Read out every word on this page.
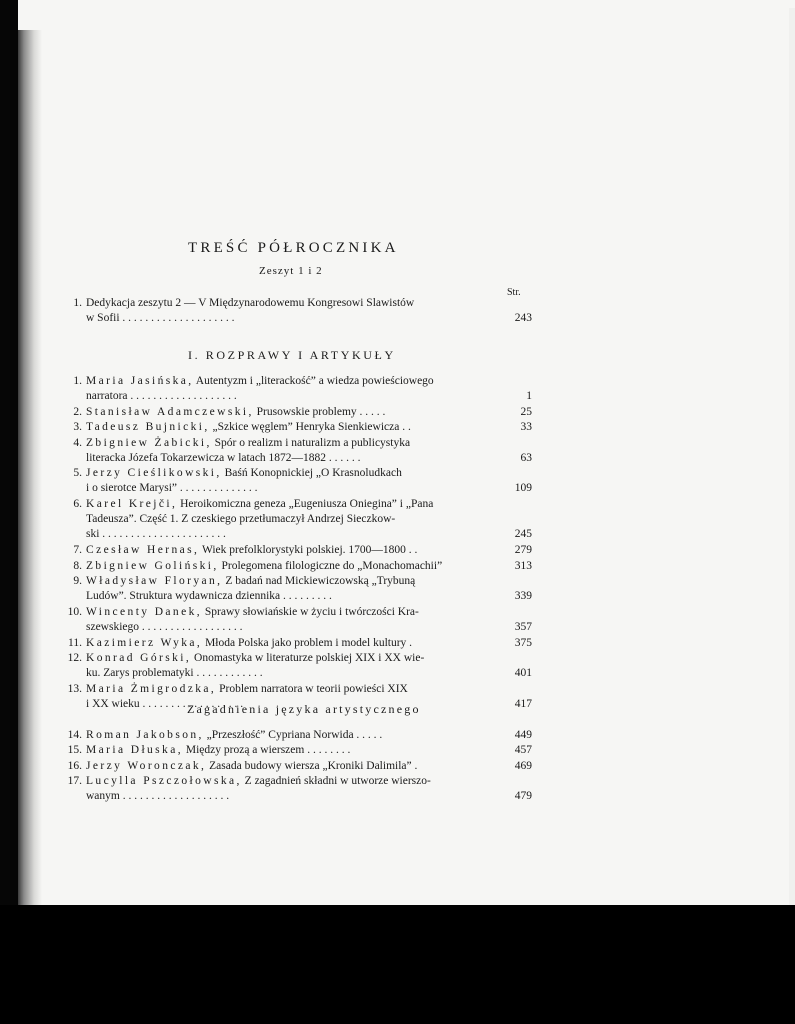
TREŚĆ PÓŁROCZNIKA
Zeszyt 1 i 2
Str.
1. Dedykacja zeszytu 2 — V Międzynarodowemu Kongresowi Slawistów
w Sofii . . . . . . . . . . . . . . . . . . . .	243
I. ROZPRAWY I ARTYKUŁY
1. Maria Jasińska, Autentyzm i „literackość” a wiedza powieściowego
narratora . . . . . . . . . . . . . . . . . . .	1
2. Stanisław Adamczewski, Prusowskie problemy . . . . .	25
3. Tadeusz Bujnicki, „Szkice węglem” Henryka Sienkiewicza . .	33
4. Zbigniew Żabicki, Spór o realizm i naturalizm a publicystyka
literacka Józefa Tokarzewicza w latach 1872—1882 . . . . . .	63
5. Jerzy Cieślikowski, Baśń Konopnickiej „O Krasnoludkach
i o sierotce Marysi” . . . . . . . . . . . . . .	109
6. Karel Krejči, Heroikomiczna geneza „Eugeniusza Oniegina” i „Pana
Tadeusza”. Część 1. Z czeskiego przetłumaczył Andrzej Sieczkow-
ski . . . . . . . . . . . . . . . . . . . . . .	245
7. Czesław Hernas, Wiek prefolklorystyki polskiej. 1700—1800 . .	279
8. Zbigniew Goliński, Prolegomena filologiczne do „Monachomachii”	313
9. Władysław Floryan, Z badań nad Mickiewiczowską „Trybuną
Ludów”. Struktura wydawnicza dziennika . . . . . . . . .	339
10. Wincenty Danek, Sprawy słowiańskie w życiu i twórczości Kra-
szewskiego . . . . . . . . . . . . . . . . . .	357
11. Kazimierz Wyka, Młoda Polska jako problem i model kultury .	375
12. Konrad Górski, Onomastyka w literaturze polskiej XIX i XX wie-
ku. Zarys problematyki . . . . . . . . . . . .	401
13. Maria Żmigrodzka, Problem narratora w teorii powieści XIX
i XX wieku . . . . . . . . . . . . . . . . . .	417
Zagadnienia języka artystycznego
14. Roman Jakobson, „Przeszłość” Cypriana Norwida . . . . .	449
15. Maria Dłuska, Między prozą a wierszem . . . . . . . .	457
16. Jerzy Woronczak, Zasada budowy wiersza „Kroniki Dalimila” .	469
17. Lucylla Pszczołowska, Z zagadnień składni w utworze wierszo-
wanym . . . . . . . . . . . . . . . . . . .	479
